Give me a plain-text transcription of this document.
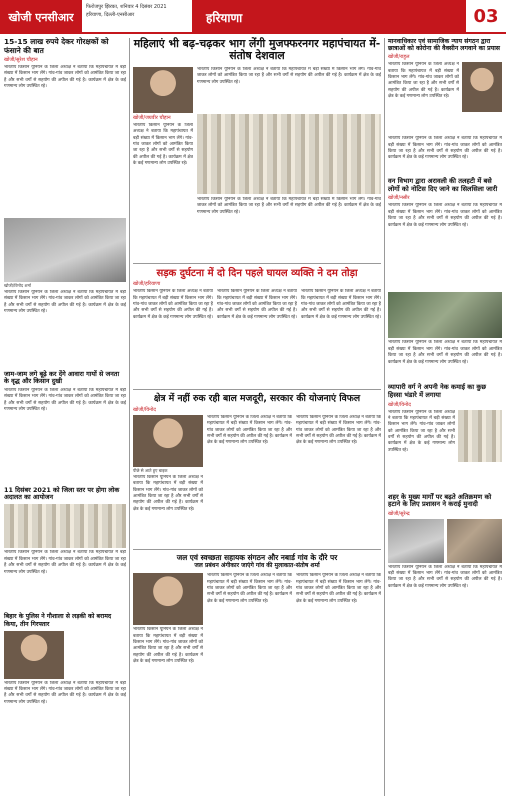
खोजी एनसीआर
फिरोजपुर झिरका, शनिवार 4 दिसंबर 2021
हरियाणा, दिल्ली-एनसीआर	हरियाणा	03
15-15 लाख रुपये देकर गोरक्षकों को फंसाने की बात
खोजी/सुरेश चौहान
भारतीय किसान यूनियन के जिला अध्यक्ष ने बताया कि महापंचायत में बड़ी संख्या में किसान भाग लेंगे। गांव-गांव जाकर लोगों को आमंत्रित किया जा रहा है और सभी वर्गों से सहयोग की अपील की गई है। कार्यक्रम में क्षेत्र के कई गणमान्य लोग उपस्थित रहे।
खोजी/विनोद शर्मा
भारतीय किसान यूनियन के जिला अध्यक्ष ने बताया कि महापंचायत में बड़ी संख्या में किसान भाग लेंगे। गांव-गांव जाकर लोगों को आमंत्रित किया जा रहा है और सभी वर्गों से सहयोग की अपील की गई है। कार्यक्रम में क्षेत्र के कई गणमान्य लोग उपस्थित रहे।
जाम-जाम लगे बूढ़े कर देंगे आवारा गायों से जनता के वृद्ध और किसान दुखी
भारतीय किसान यूनियन के जिला अध्यक्ष ने बताया कि महापंचायत में बड़ी संख्या में किसान भाग लेंगे। गांव-गांव जाकर लोगों को आमंत्रित किया जा रहा है और सभी वर्गों से सहयोग की अपील की गई है। कार्यक्रम में क्षेत्र के कई गणमान्य लोग उपस्थित रहे।
11 दिसंबर 2021 को जिला स्तर पर होगा लोक अदालत का आयोजन
भारतीय किसान यूनियन के जिला अध्यक्ष ने बताया कि महापंचायत में बड़ी संख्या में किसान भाग लेंगे। गांव-गांव जाकर लोगों को आमंत्रित किया जा रहा है और सभी वर्गों से सहयोग की अपील की गई है। कार्यक्रम में क्षेत्र के कई गणमान्य लोग उपस्थित रहे।
बिहार के पुलिस ने गौशाला से लड़की को बरामद किया, तीन गिरफ्तार
भारतीय किसान यूनियन के जिला अध्यक्ष ने बताया कि महापंचायत में बड़ी संख्या में किसान भाग लेंगे। गांव-गांव जाकर लोगों को आमंत्रित किया जा रहा है और सभी वर्गों से सहयोग की अपील की गई है। कार्यक्रम में क्षेत्र के कई गणमान्य लोग उपस्थित रहे।
महिलाएं भी बढ़-चढ़कर भाग लेंगी मुजफ्फरनगर महापंचायत में-संतोष देशवाल
खोजी/जयवीर चौहान
भारतीय किसान यूनियन के जिला अध्यक्ष ने बताया कि महापंचायत में बड़ी संख्या में किसान भाग लेंगे। गांव-गांव जाकर लोगों को आमंत्रित किया जा रहा है और सभी वर्गों से सहयोग की अपील की गई है। कार्यक्रम में क्षेत्र के कई गणमान्य लोग उपस्थित रहे।
भारतीय किसान यूनियन के जिला अध्यक्ष ने बताया कि महापंचायत में बड़ी संख्या में किसान भाग लेंगे। गांव-गांव जाकर लोगों को आमंत्रित किया जा रहा है और सभी वर्गों से सहयोग की अपील की गई है। कार्यक्रम में क्षेत्र के कई गणमान्य लोग उपस्थित रहे।
भारतीय किसान यूनियन के जिला अध्यक्ष ने बताया कि महापंचायत में बड़ी संख्या में किसान भाग लेंगे। गांव-गांव जाकर लोगों को आमंत्रित किया जा रहा है और सभी वर्गों से सहयोग की अपील की गई है। कार्यक्रम में क्षेत्र के कई गणमान्य लोग उपस्थित रहे।
सड़क दुर्घटना में दो दिन पहले घायल व्यक्ति ने दम तोड़ा
खोजी/हरियाणा
भारतीय किसान यूनियन के जिला अध्यक्ष ने बताया कि महापंचायत में बड़ी संख्या में किसान भाग लेंगे। गांव-गांव जाकर लोगों को आमंत्रित किया जा रहा है और सभी वर्गों से सहयोग की अपील की गई है। कार्यक्रम में क्षेत्र के कई गणमान्य लोग उपस्थित रहे।
भारतीय किसान यूनियन के जिला अध्यक्ष ने बताया कि महापंचायत में बड़ी संख्या में किसान भाग लेंगे। गांव-गांव जाकर लोगों को आमंत्रित किया जा रहा है और सभी वर्गों से सहयोग की अपील की गई है। कार्यक्रम में क्षेत्र के कई गणमान्य लोग उपस्थित रहे।
भारतीय किसान यूनियन के जिला अध्यक्ष ने बताया कि महापंचायत में बड़ी संख्या में किसान भाग लेंगे। गांव-गांव जाकर लोगों को आमंत्रित किया जा रहा है और सभी वर्गों से सहयोग की अपील की गई है। कार्यक्रम में क्षेत्र के कई गणमान्य लोग उपस्थित रहे।
क्षेत्र में नहीं रुक रही बाल मजदूरी, सरकार की योजनाएं विफल
खोजी/विनोद
पीछे से आते हुए बाइक
भारतीय किसान यूनियन के जिला अध्यक्ष ने बताया कि महापंचायत में बड़ी संख्या में किसान भाग लेंगे। गांव-गांव जाकर लोगों को आमंत्रित किया जा रहा है और सभी वर्गों से सहयोग की अपील की गई है। कार्यक्रम में क्षेत्र के कई गणमान्य लोग उपस्थित रहे।
भारतीय किसान यूनियन के जिला अध्यक्ष ने बताया कि महापंचायत में बड़ी संख्या में किसान भाग लेंगे। गांव-गांव जाकर लोगों को आमंत्रित किया जा रहा है और सभी वर्गों से सहयोग की अपील की गई है। कार्यक्रम में क्षेत्र के कई गणमान्य लोग उपस्थित रहे।
भारतीय किसान यूनियन के जिला अध्यक्ष ने बताया कि महापंचायत में बड़ी संख्या में किसान भाग लेंगे। गांव-गांव जाकर लोगों को आमंत्रित किया जा रहा है और सभी वर्गों से सहयोग की अपील की गई है। कार्यक्रम में क्षेत्र के कई गणमान्य लोग उपस्थित रहे।
जल एवं स्वच्छता सहायक संगठन और नबार्ड गांव के दौरे पर
जल प्रबंधन अंगीकार जाएंगे गांव की मुलाकात-संतोष शर्मा
भारतीय किसान यूनियन के जिला अध्यक्ष ने बताया कि महापंचायत में बड़ी संख्या में किसान भाग लेंगे। गांव-गांव जाकर लोगों को आमंत्रित किया जा रहा है और सभी वर्गों से सहयोग की अपील की गई है। कार्यक्रम में क्षेत्र के कई गणमान्य लोग उपस्थित रहे।
भारतीय किसान यूनियन के जिला अध्यक्ष ने बताया कि महापंचायत में बड़ी संख्या में किसान भाग लेंगे। गांव-गांव जाकर लोगों को आमंत्रित किया जा रहा है और सभी वर्गों से सहयोग की अपील की गई है। कार्यक्रम में क्षेत्र के कई गणमान्य लोग उपस्थित रहे।
भारतीय किसान यूनियन के जिला अध्यक्ष ने बताया कि महापंचायत में बड़ी संख्या में किसान भाग लेंगे। गांव-गांव जाकर लोगों को आमंत्रित किया जा रहा है और सभी वर्गों से सहयोग की अपील की गई है। कार्यक्रम में क्षेत्र के कई गणमान्य लोग उपस्थित रहे।
मानवाधिकार एवं सामाजिक न्याय संगठन द्वारा छात्राओं को कोरोना की वैक्सीन लगवाने का प्रयास
खोजी/राहुल
भारतीय किसान यूनियन के जिला अध्यक्ष ने बताया कि महापंचायत में बड़ी संख्या में किसान भाग लेंगे। गांव-गांव जाकर लोगों को आमंत्रित किया जा रहा है और सभी वर्गों से सहयोग की अपील की गई है। कार्यक्रम में क्षेत्र के कई गणमान्य लोग उपस्थित रहे।
भारतीय किसान यूनियन के जिला अध्यक्ष ने बताया कि महापंचायत में बड़ी संख्या में किसान भाग लेंगे। गांव-गांव जाकर लोगों को आमंत्रित किया जा रहा है और सभी वर्गों से सहयोग की अपील की गई है। कार्यक्रम में क्षेत्र के कई गणमान्य लोग उपस्थित रहे।
वन विभाग द्वारा अरावली की तलहटी में बसे लोगों को नोटिस दिए जाने का सिलसिला जारी
खोजी/नसीर
भारतीय किसान यूनियन के जिला अध्यक्ष ने बताया कि महापंचायत में बड़ी संख्या में किसान भाग लेंगे। गांव-गांव जाकर लोगों को आमंत्रित किया जा रहा है और सभी वर्गों से सहयोग की अपील की गई है। कार्यक्रम में क्षेत्र के कई गणमान्य लोग उपस्थित रहे।
भारतीय किसान यूनियन के जिला अध्यक्ष ने बताया कि महापंचायत में बड़ी संख्या में किसान भाग लेंगे। गांव-गांव जाकर लोगों को आमंत्रित किया जा रहा है और सभी वर्गों से सहयोग की अपील की गई है। कार्यक्रम में क्षेत्र के कई गणमान्य लोग उपस्थित रहे।
व्यापारी वर्ग ने अपनी नेक कमाई का कुछ हिस्सा भंडारे में लगाया
खोजी/विनोद
भारतीय किसान यूनियन के जिला अध्यक्ष ने बताया कि महापंचायत में बड़ी संख्या में किसान भाग लेंगे। गांव-गांव जाकर लोगों को आमंत्रित किया जा रहा है और सभी वर्गों से सहयोग की अपील की गई है। कार्यक्रम में क्षेत्र के कई गणमान्य लोग उपस्थित रहे।
शहर के मुख्य मार्गों पर बढ़ते अतिक्रमण को हटाने के लिए प्रशासन ने कराई मुनादी
खोजी/सुरेन्द्र
भारतीय किसान यूनियन के जिला अध्यक्ष ने बताया कि महापंचायत में बड़ी संख्या में किसान भाग लेंगे। गांव-गांव जाकर लोगों को आमंत्रित किया जा रहा है और सभी वर्गों से सहयोग की अपील की गई है। कार्यक्रम में क्षेत्र के कई गणमान्य लोग उपस्थित रहे।
